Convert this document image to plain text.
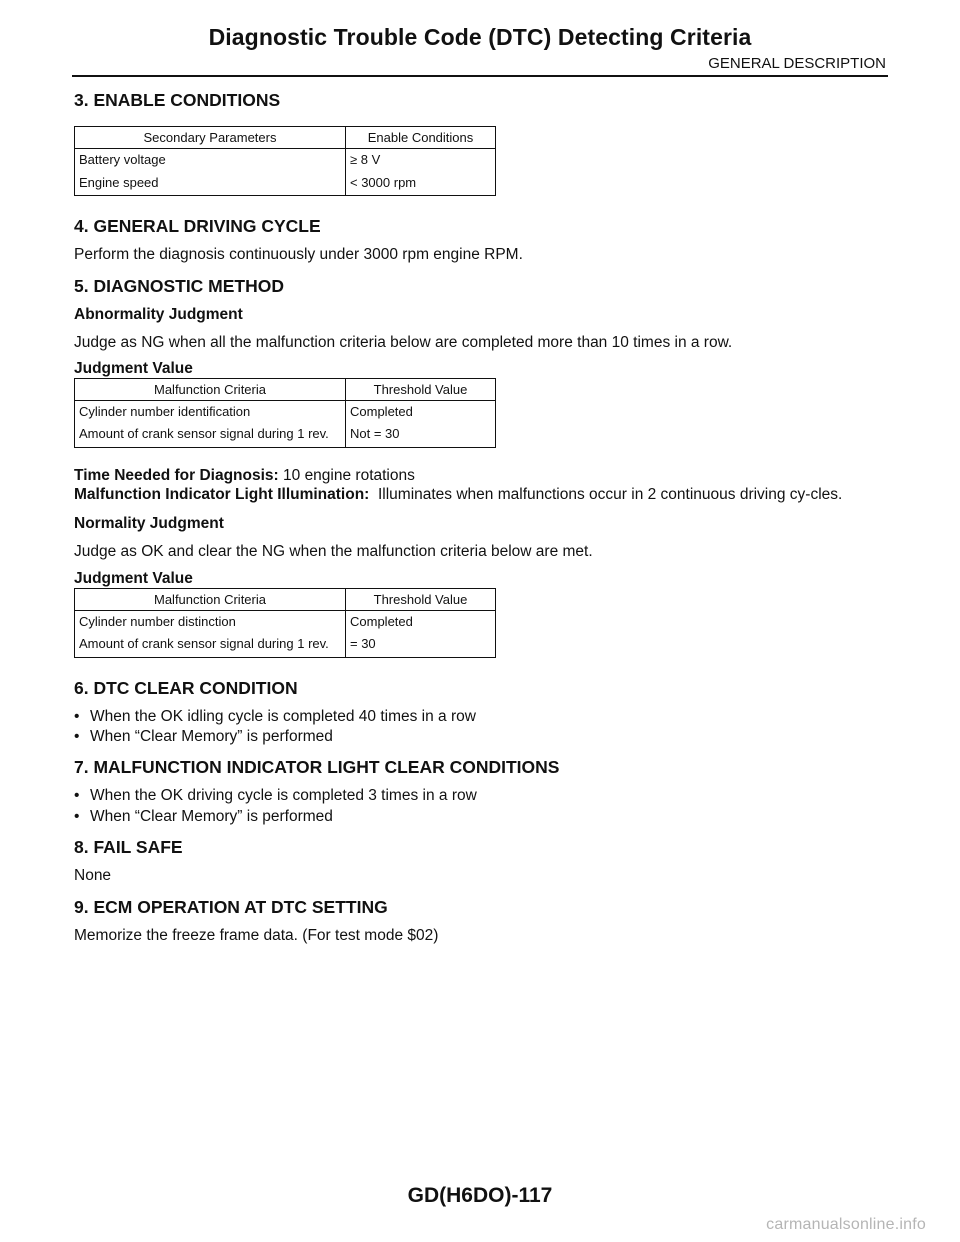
Diagnostic Trouble Code (DTC) Detecting Criteria
GENERAL DESCRIPTION
3. ENABLE CONDITIONS
Secondary Parameters	Enable Conditions
Battery voltage	≥ 8 V
Engine speed	< 3000 rpm
4. GENERAL DRIVING CYCLE

Perform the diagnosis continuously under 3000 rpm engine RPM.

5. DIAGNOSTIC METHOD
Abnormality Judgment

Judge as NG when all the malfunction criteria below are completed more than 10 times in a row.

Judgment Value
Malfunction Criteria	Threshold Value
Cylinder number identification	Completed
Amount of crank sensor signal during 1 rev.	Not = 30

Time Needed for Diagnosis: 10 engine rotations

Malfunction Indicator Light Illumination: Illuminates when malfunctions occur in 2 continuous driving cy-cles.

Normality Judgment

Judge as OK and clear the NG when the malfunction criteria below are met.

Judgment Value
Malfunction Criteria	Threshold Value
Cylinder number distinction	Completed
Amount of crank sensor signal during 1 rev.	= 30
6. DTC CLEAR CONDITION
• When the OK idling cycle is completed 40 times in a row
• When “Clear Memory” is performed
7. MALFUNCTION INDICATOR LIGHT CLEAR CONDITIONS
• When the OK driving cycle is completed 3 times in a row
• When “Clear Memory” is performed
8. FAIL SAFE

None

9. ECM OPERATION AT DTC SETTING

Memorize the freeze frame data. (For test mode $02)

GD(H6DO)-117
carmanualsonline.info
